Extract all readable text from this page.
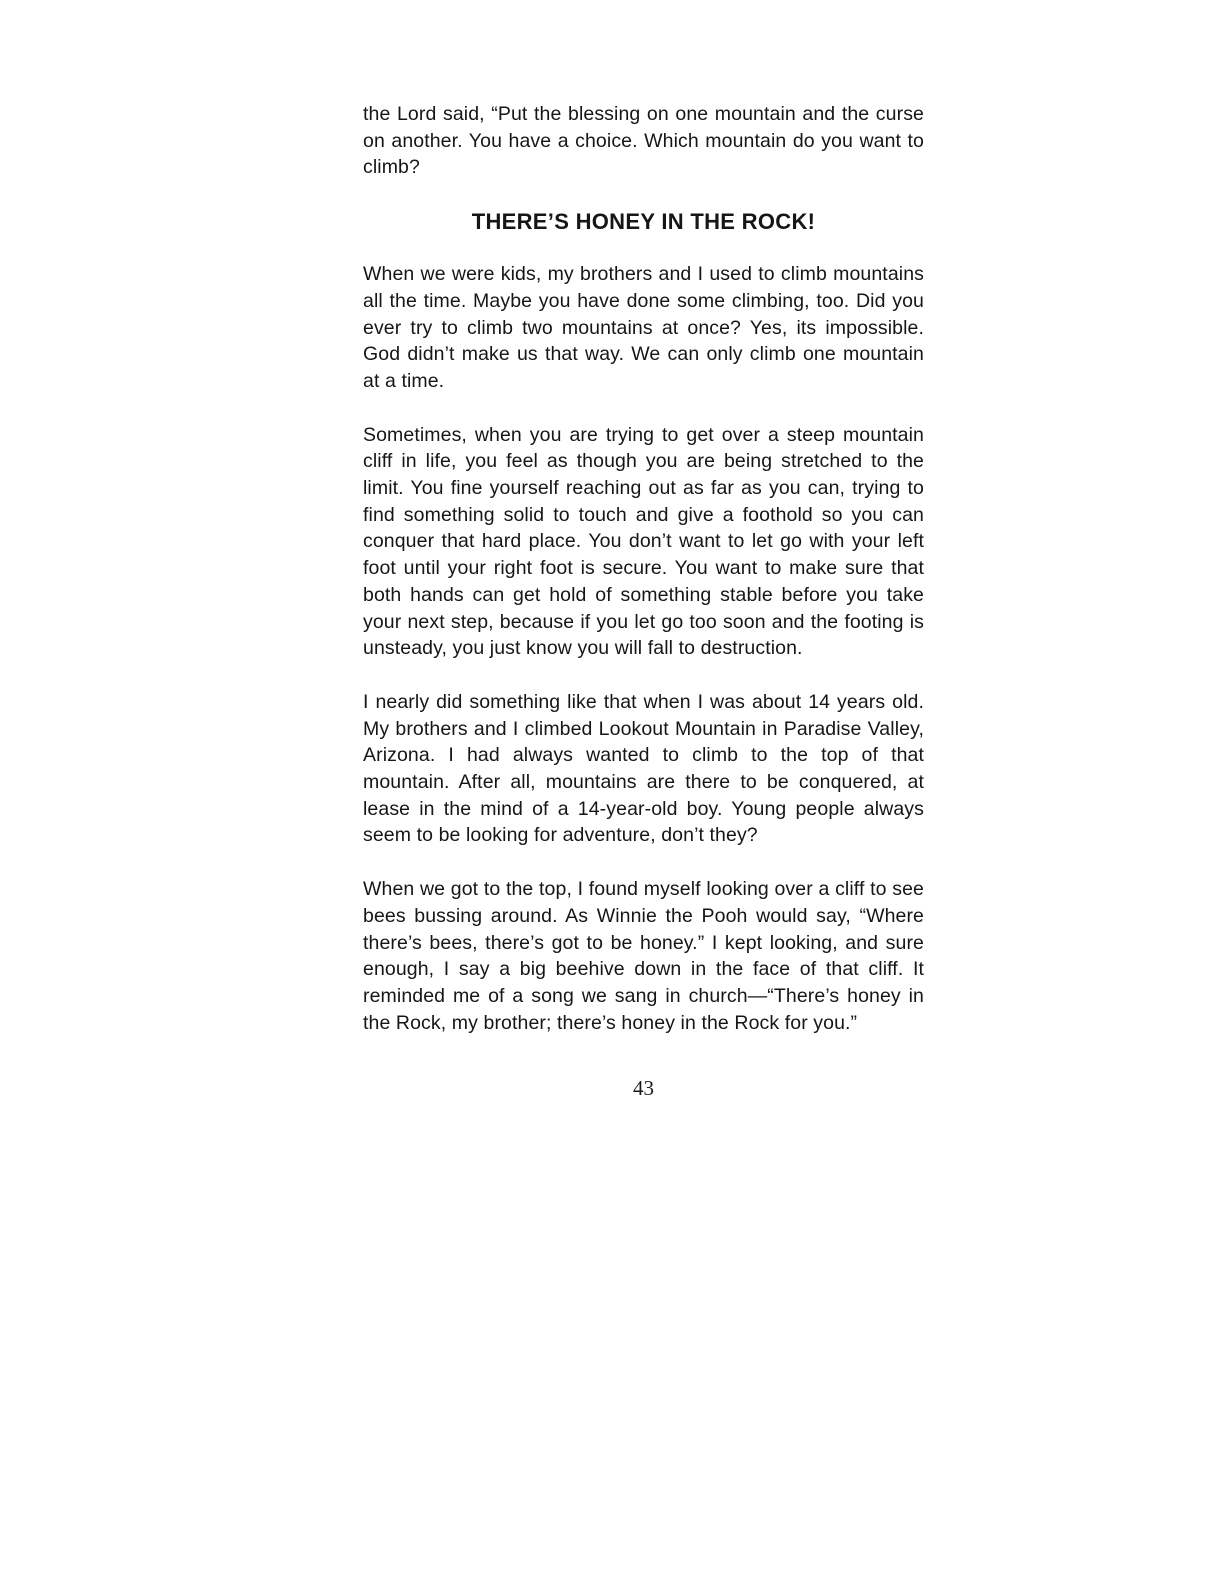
the Lord said, “Put the blessing on one mountain and the curse on another. You have a choice. Which mountain do you want to climb?

THERE’S HONEY IN THE ROCK!

When we were kids, my brothers and I used to climb mountains all the time. Maybe you have done some climbing, too. Did you ever try to climb two mountains at once? Yes, its impossible. God didn’t make us that way. We can only climb one mountain at a time.

Sometimes, when you are trying to get over a steep mountain cliff in life, you feel as though you are being stretched to the limit. You fine yourself reaching out as far as you can, trying to find something solid to touch and give a foothold so you can conquer that hard place. You don’t want to let go with your left foot until your right foot is secure. You want to make sure that both hands can get hold of something stable before you take your next step, because if you let go too soon and the footing is unsteady, you just know you will fall to destruction.

I nearly did something like that when I was about 14 years old. My brothers and I climbed Lookout Mountain in Paradise Valley, Arizona. I had always wanted to climb to the top of that mountain. After all, mountains are there to be conquered, at lease in the mind of a 14-year-old boy. Young people always seem to be looking for adventure, don’t they?

When we got to the top, I found myself looking over a cliff to see bees bussing around. As Winnie the Pooh would say, “Where there’s bees, there’s got to be honey.” I kept looking, and sure enough, I say a big beehive down in the face of that cliff. It reminded me of a song we sang in church—“There’s honey in the Rock, my brother; there’s honey in the Rock for you.”

43
